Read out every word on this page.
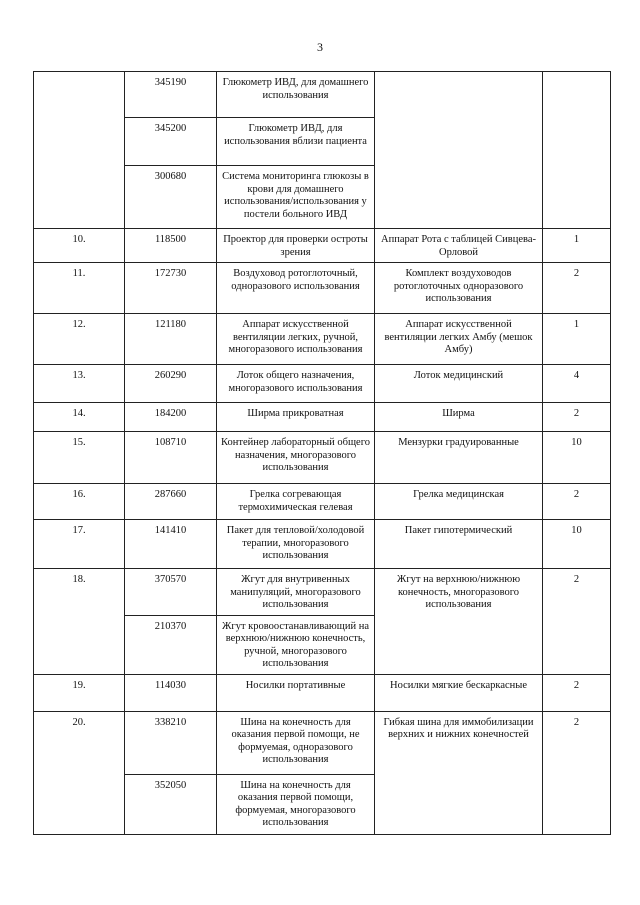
3
	345190	Глюкометр ИВД, для домашнего использования		
	345200	Глюкометр ИВД, для использования вблизи пациента		
	300680	Система мониторинга глюкозы в крови для домашнего использования/использования у постели больного ИВД		
10.	118500	Проектор для проверки остроты зрения	Аппарат Рота с таблицей Сивцева-Орловой	1
11.	172730	Воздуховод ротоглоточный, одноразового использования	Комплект воздуховодов ротоглоточных одноразового использования	2
12.	121180	Аппарат искусственной вентиляции легких, ручной, многоразового использования	Аппарат искусственной вентиляции легких Амбу (мешок Амбу)	1
13.	260290	Лоток общего назначения, многоразового использования	Лоток медицинский	4
14.	184200	Ширма прикроватная	Ширма	2
15.	108710	Контейнер лабораторный общего назначения, многоразового использования	Мензурки градуированные	10
16.	287660	Грелка согревающая термохимическая гелевая	Грелка медицинская	2
17.	141410	Пакет для тепловой/холодовой терапии, многоразового использования	Пакет гипотермический	10
18.	370570	Жгут для внутривенных манипуляций, многоразового использования	Жгут на верхнюю/нижнюю конечность, многоразового использования	2
	210370	Жгут кровоостанавливающий на верхнюю/нижнюю конечность, ручной, многоразового использования		
19.	114030	Носилки портативные	Носилки мягкие бескаркасные	2
20.	338210	Шина на конечность для оказания первой помощи, не формуемая, одноразового использования	Гибкая шина для иммобилизации верхних и нижних конечностей	2
	352050	Шина на конечность для оказания первой помощи, формуемая, многоразового использования		
